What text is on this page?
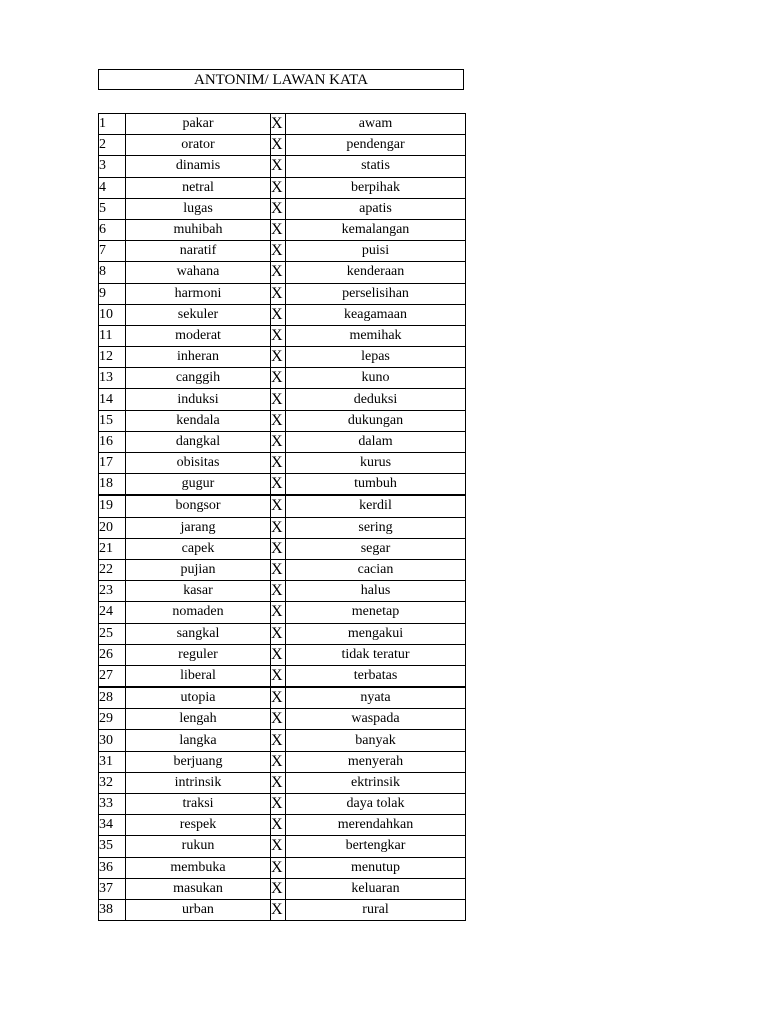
ANTONIM/ LAWAN KATA
1	pakar	X	awam
2	orator	X	pendengar
3	dinamis	X	statis
4	netral	X	berpihak
5	lugas	X	apatis
6	muhibah	X	kemalangan
7	naratif	X	puisi
8	wahana	X	kenderaan
9	harmoni	X	perselisihan
10	sekuler	X	keagamaan
11	moderat	X	memihak
12	inheran	X	lepas
13	canggih	X	kuno
14	induksi	X	deduksi
15	kendala	X	dukungan
16	dangkal	X	dalam
17	obisitas	X	kurus
18	gugur	X	tumbuh
19	bongsor	X	kerdil
20	jarang	X	sering
21	capek	X	segar
22	pujian	X	cacian
23	kasar	X	halus
24	nomaden	X	menetap
25	sangkal	X	mengakui
26	reguler	X	tidak teratur
27	liberal	X	terbatas
28	utopia	X	nyata
29	lengah	X	waspada
30	langka	X	banyak
31	berjuang	X	menyerah
32	intrinsik	X	ektrinsik
33	traksi	X	daya tolak
34	respek	X	merendahkan
35	rukun	X	bertengkar
36	membuka	X	menutup
37	masukan	X	keluaran
38	urban	X	rural
